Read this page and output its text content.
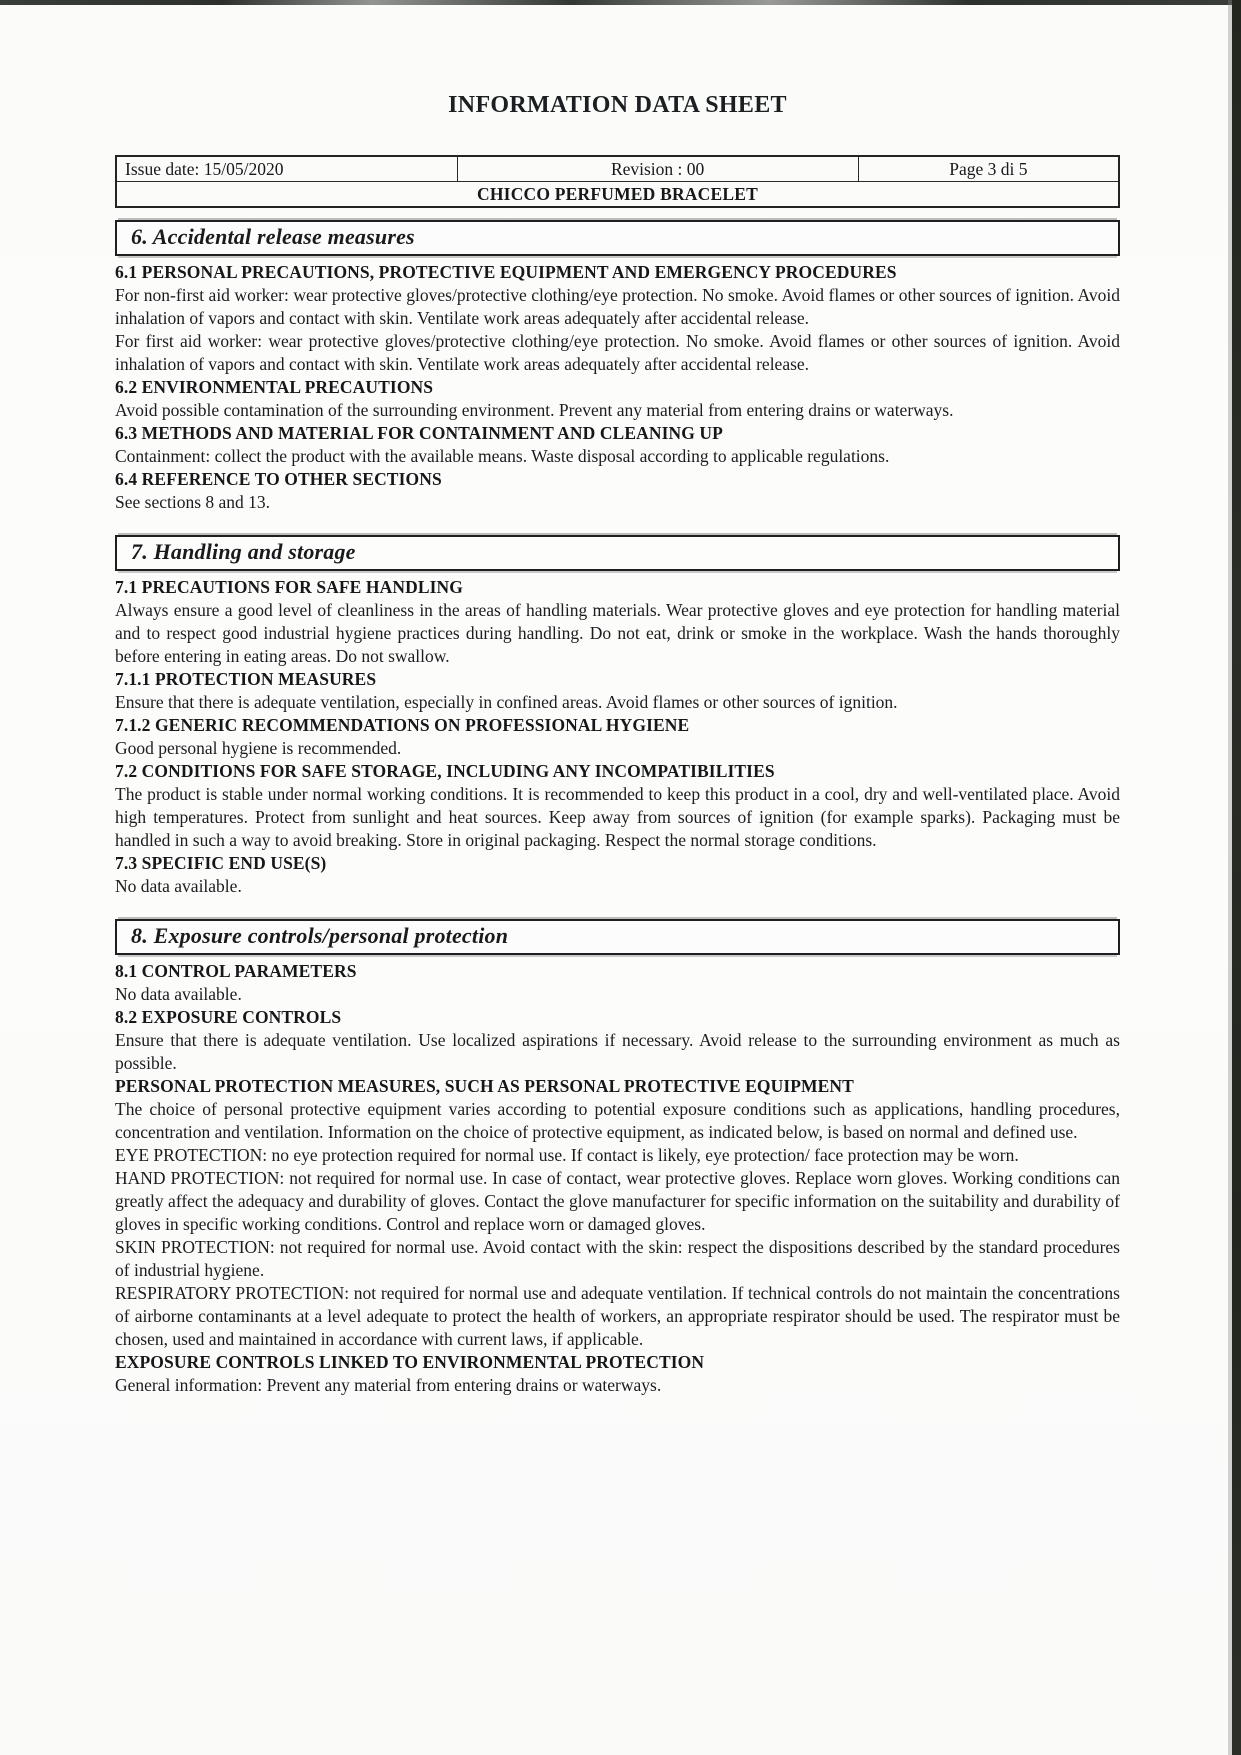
INFORMATION DATA SHEET
Issue date: 15/05/2020	Revision : 00	Page 3 di 5
CHICCO PERFUMED BRACELET
6. Accidental release measures
6.1 PERSONAL PRECAUTIONS, PROTECTIVE EQUIPMENT AND EMERGENCY PROCEDURES

For non-first aid worker: wear protective gloves/protective clothing/eye protection. No smoke. Avoid flames or other sources of ignition. Avoid inhalation of vapors and contact with skin. Ventilate work areas adequately after accidental release.

For first aid worker: wear protective gloves/protective clothing/eye protection. No smoke. Avoid flames or other sources of ignition. Avoid inhalation of vapors and contact with skin. Ventilate work areas adequately after accidental release.

6.2 ENVIRONMENTAL PRECAUTIONS

Avoid possible contamination of the surrounding environment. Prevent any material from entering drains or waterways.

6.3 METHODS AND MATERIAL FOR CONTAINMENT AND CLEANING UP

Containment: collect the product with the available means. Waste disposal according to applicable regulations.

6.4 REFERENCE TO OTHER SECTIONS

See sections 8 and 13.

7. Handling and storage
7.1 PRECAUTIONS FOR SAFE HANDLING

Always ensure a good level of cleanliness in the areas of handling materials. Wear protective gloves and eye protection for handling material and to respect good industrial hygiene practices during handling. Do not eat, drink or smoke in the workplace. Wash the hands thoroughly before entering in eating areas. Do not swallow.

7.1.1 PROTECTION MEASURES

Ensure that there is adequate ventilation, especially in confined areas. Avoid flames or other sources of ignition.

7.1.2 GENERIC RECOMMENDATIONS ON PROFESSIONAL HYGIENE

Good personal hygiene is recommended.

7.2 CONDITIONS FOR SAFE STORAGE, INCLUDING ANY INCOMPATIBILITIES

The product is stable under normal working conditions. It is recommended to keep this product in a cool, dry and well-ventilated place. Avoid high temperatures. Protect from sunlight and heat sources. Keep away from sources of ignition (for example sparks). Packaging must be handled in such a way to avoid breaking. Store in original packaging. Respect the normal storage conditions.

7.3 SPECIFIC END USE(S)

No data available.

8. Exposure controls/personal protection
8.1 CONTROL PARAMETERS

No data available.

8.2 EXPOSURE CONTROLS

Ensure that there is adequate ventilation. Use localized aspirations if necessary. Avoid release to the surrounding environment as much as possible.

PERSONAL PROTECTION MEASURES, SUCH AS PERSONAL PROTECTIVE EQUIPMENT

The choice of personal protective equipment varies according to potential exposure conditions such as applications, handling procedures, concentration and ventilation. Information on the choice of protective equipment, as indicated below, is based on normal and defined use.

EYE PROTECTION: no eye protection required for normal use. If contact is likely, eye protection/ face protection may be worn.

HAND PROTECTION: not required for normal use. In case of contact, wear protective gloves. Replace worn gloves. Working conditions can greatly affect the adequacy and durability of gloves. Contact the glove manufacturer for specific information on the suitability and durability of gloves in specific working conditions. Control and replace worn or damaged gloves.

SKIN PROTECTION: not required for normal use. Avoid contact with the skin: respect the dispositions described by the standard procedures of industrial hygiene.

RESPIRATORY PROTECTION: not required for normal use and adequate ventilation. If technical controls do not maintain the concentrations of airborne contaminants at a level adequate to protect the health of workers, an appropriate respirator should be used. The respirator must be chosen, used and maintained in accordance with current laws, if applicable.

EXPOSURE CONTROLS LINKED TO ENVIRONMENTAL PROTECTION

General information: Prevent any material from entering drains or waterways.
